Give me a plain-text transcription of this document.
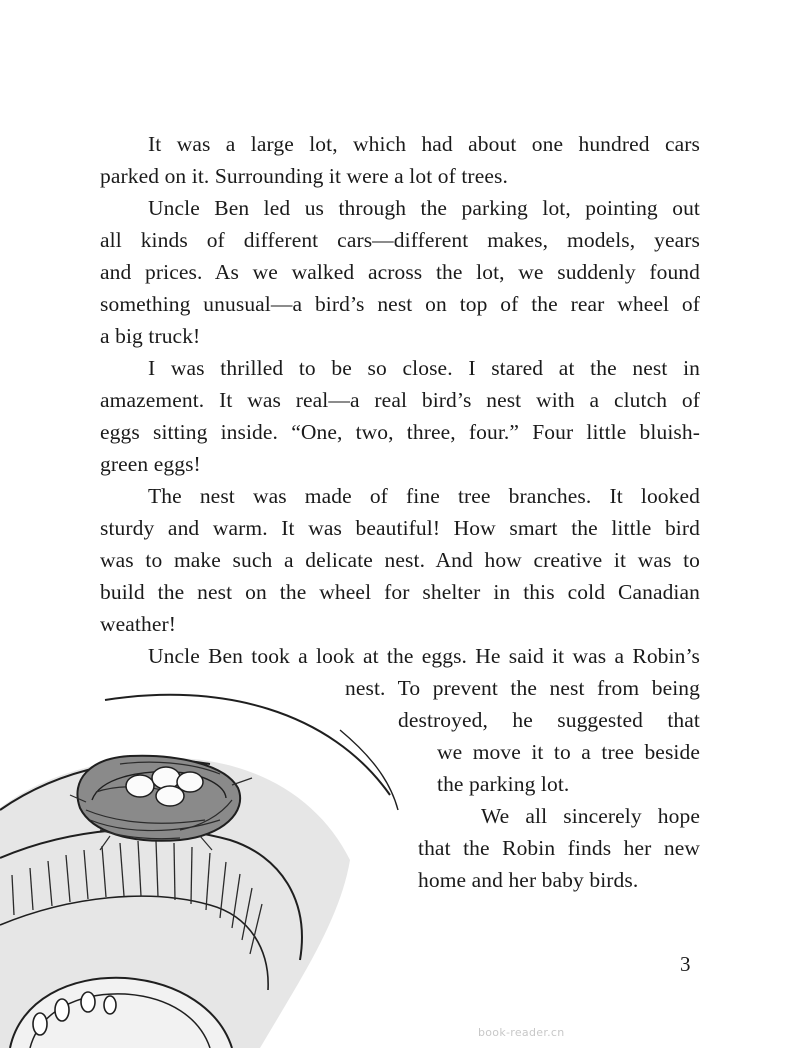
It was a large lot, which had about one hundred cars
parked on it. Surrounding it were a lot of trees.
Uncle Ben led us through the parking lot, pointing out
all kinds of different cars—different makes, models, years
and prices. As we walked across the lot, we suddenly found
something unusual—a bird’s nest on top of the rear wheel of
a big truck!
I was thrilled to be so close. I stared at the nest in
amazement. It was real—a real bird’s nest with a clutch of
eggs sitting inside. “One, two, three, four.” Four little bluish-
green eggs!
The nest was made of fine tree branches. It looked
sturdy and warm. It was beautiful! How smart the little bird
was to make such a delicate nest. And how creative it was to
build the nest on the wheel for shelter in this cold Canadian
weather!
Uncle Ben took a look at the eggs. He said it was a Robin’s
nest. To prevent the nest from being
destroyed, he suggested that
we move it to a tree beside
the parking lot.
We all sincerely hope
that the Robin finds her new
home and her baby birds.
3
book-reader.cn
